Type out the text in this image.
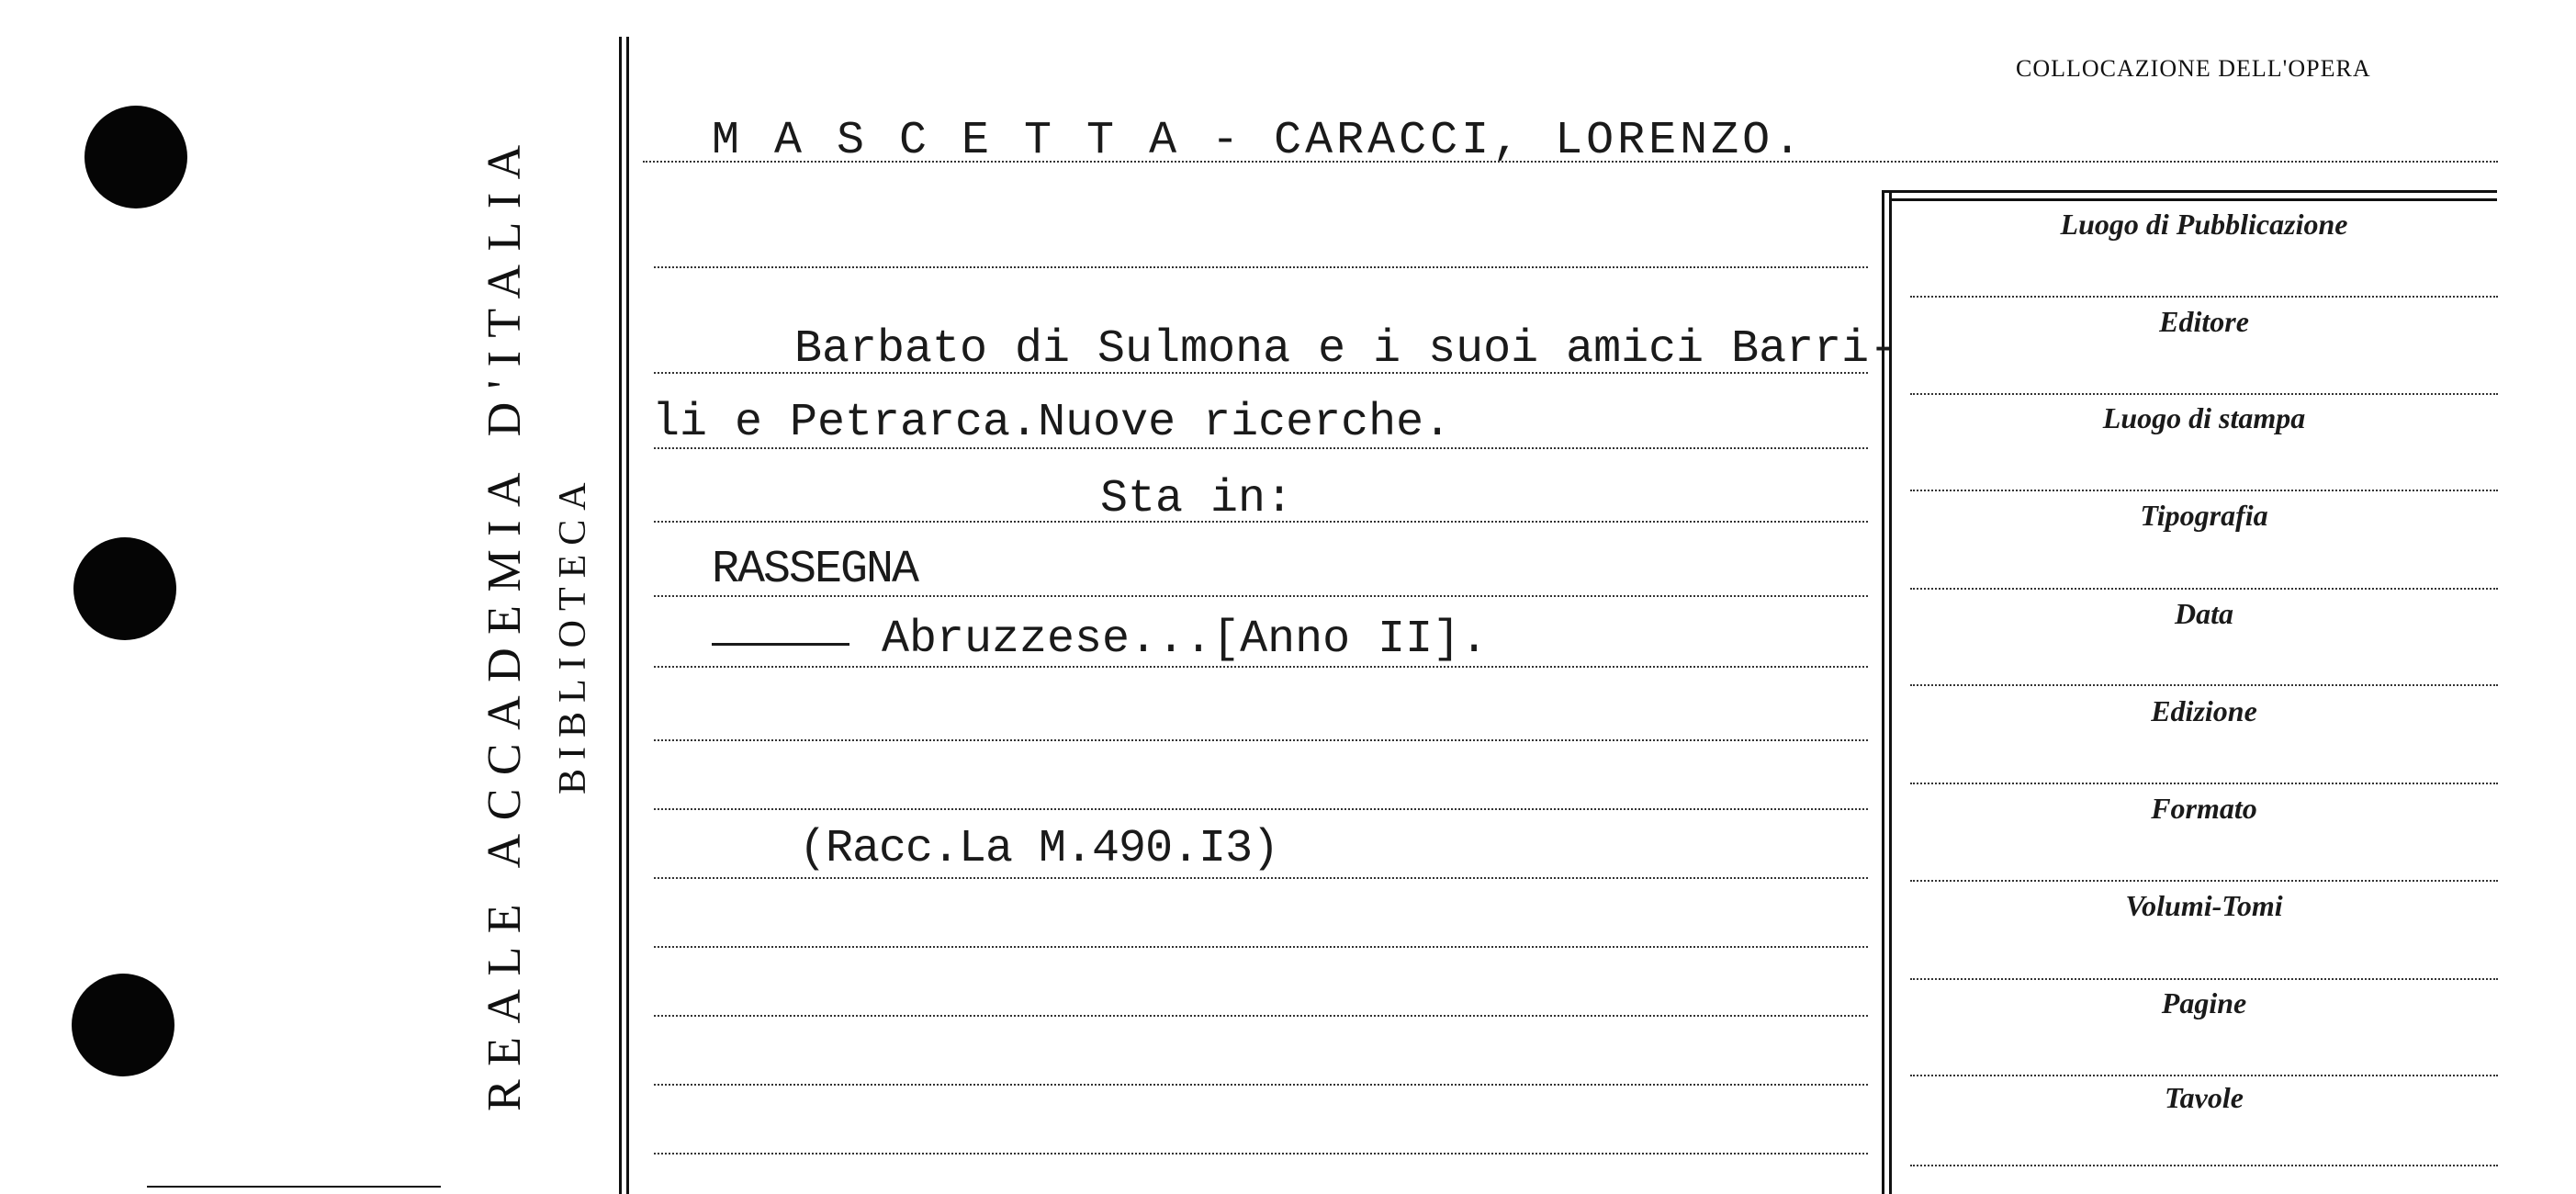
REALE ACCADEMIA D'ITALIA BIBLIOTECA
COLLOCAZIONE DELL'OPERA
M A S C E T T A - CARACCI, LORENZO.
Barbato di Sulmona e i suoi amici Barri-
li e Petrarca.Nuove ricerche.
Sta in:
RASSEGNA
Abruzzese...[Anno II].
(Racc.La M.490.I3)
Luogo di Pubblicazione
Editore
Luogo di stampa
Tipografia
Data
Edizione
Formato
Volumi-Tomi
Pagine
Tavole
